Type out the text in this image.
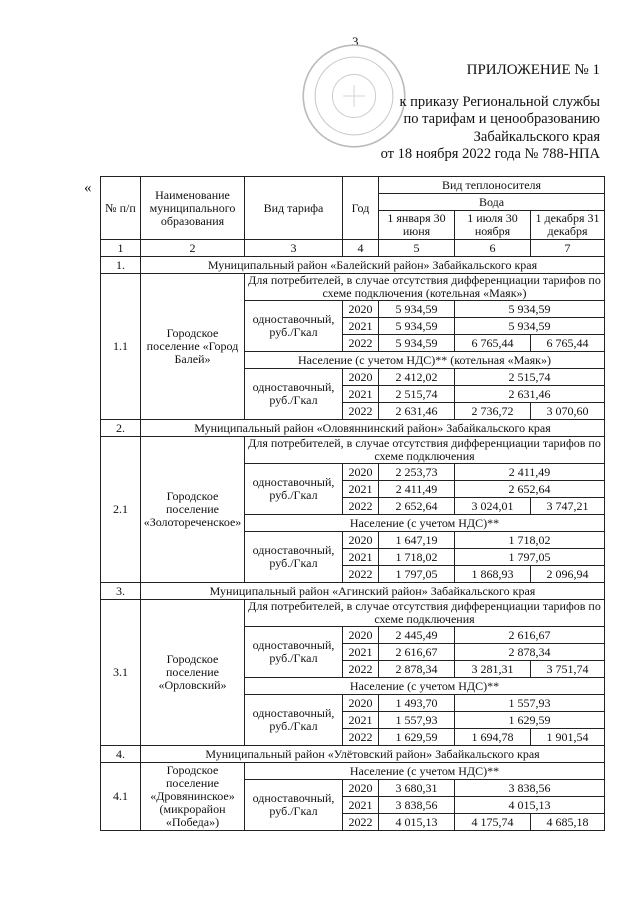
3
ПРИЛОЖЕНИЕ № 1
к приказу Региональной службы
по тарифам и ценообразованию
Забайкальского края
от 18 ноября 2022 года № 788-НПА
«
№ п/п	Наименование муниципального образования	Вид тарифа	Год	Вид теплоносителя		
				Вода		
				1 января 30 июня	1 июля 30 ноября	1 декабря 31 декабря
1	2	3	4	5	6	7
1.	Муниципальный район «Балейский район» Забайкальского края					
1.1	Городское поселение «Город Балей»	Для потребителей, в случае отсутствия дифференциации тарифов по схеме подключения (котельная «Маяк»)				
		одноставочный, руб./Гкал	2020	5 934,59	5 934,59	
			2021	5 934,59	5 934,59	
			2022	5 934,59	6 765,44	6 765,44
		Население (с учетом НДС)** (котельная «Маяк»)				
		одноставочный, руб./Гкал	2020	2 412,02	2 515,74	
			2021	2 515,74	2 631,46	
			2022	2 631,46	2 736,72	3 070,60
2.	Муниципальный район «Оловяннинский район» Забайкальского края					
2.1	Городское поселение «Золотореченское»	Для потребителей, в случае отсутствия дифференциации тарифов по схеме подключения				
		одноставочный, руб./Гкал	2020	2 253,73	2 411,49	
			2021	2 411,49	2 652,64	
			2022	2 652,64	3 024,01	3 747,21
		Население (с учетом НДС)**				
		одноставочный, руб./Гкал	2020	1 647,19	1 718,02	
			2021	1 718,02	1 797,05	
			2022	1 797,05	1 868,93	2 096,94
3.	Муниципальный район «Агинский район» Забайкальского края					
3.1	Городское поселение «Орловский»	Для потребителей, в случае отсутствия дифференциации тарифов по схеме подключения				
		одноставочный, руб./Гкал	2020	2 445,49	2 616,67	
			2021	2 616,67	2 878,34	
			2022	2 878,34	3 281,31	3 751,74
		Население (с учетом НДС)**				
		одноставочный, руб./Гкал	2020	1 493,70	1 557,93	
			2021	1 557,93	1 629,59	
			2022	1 629,59	1 694,78	1 901,54
4.	Муниципальный район «Улётовский район» Забайкальского края					
4.1	Городское поселение «Дровянинское» (микрорайон «Победа»)	Население (с учетом НДС)**				
		одноставочный, руб./Гкал	2020	3 680,31	3 838,56	
			2021	3 838,56	4 015,13	
			2022	4 015,13	4 175,74	4 685,18
